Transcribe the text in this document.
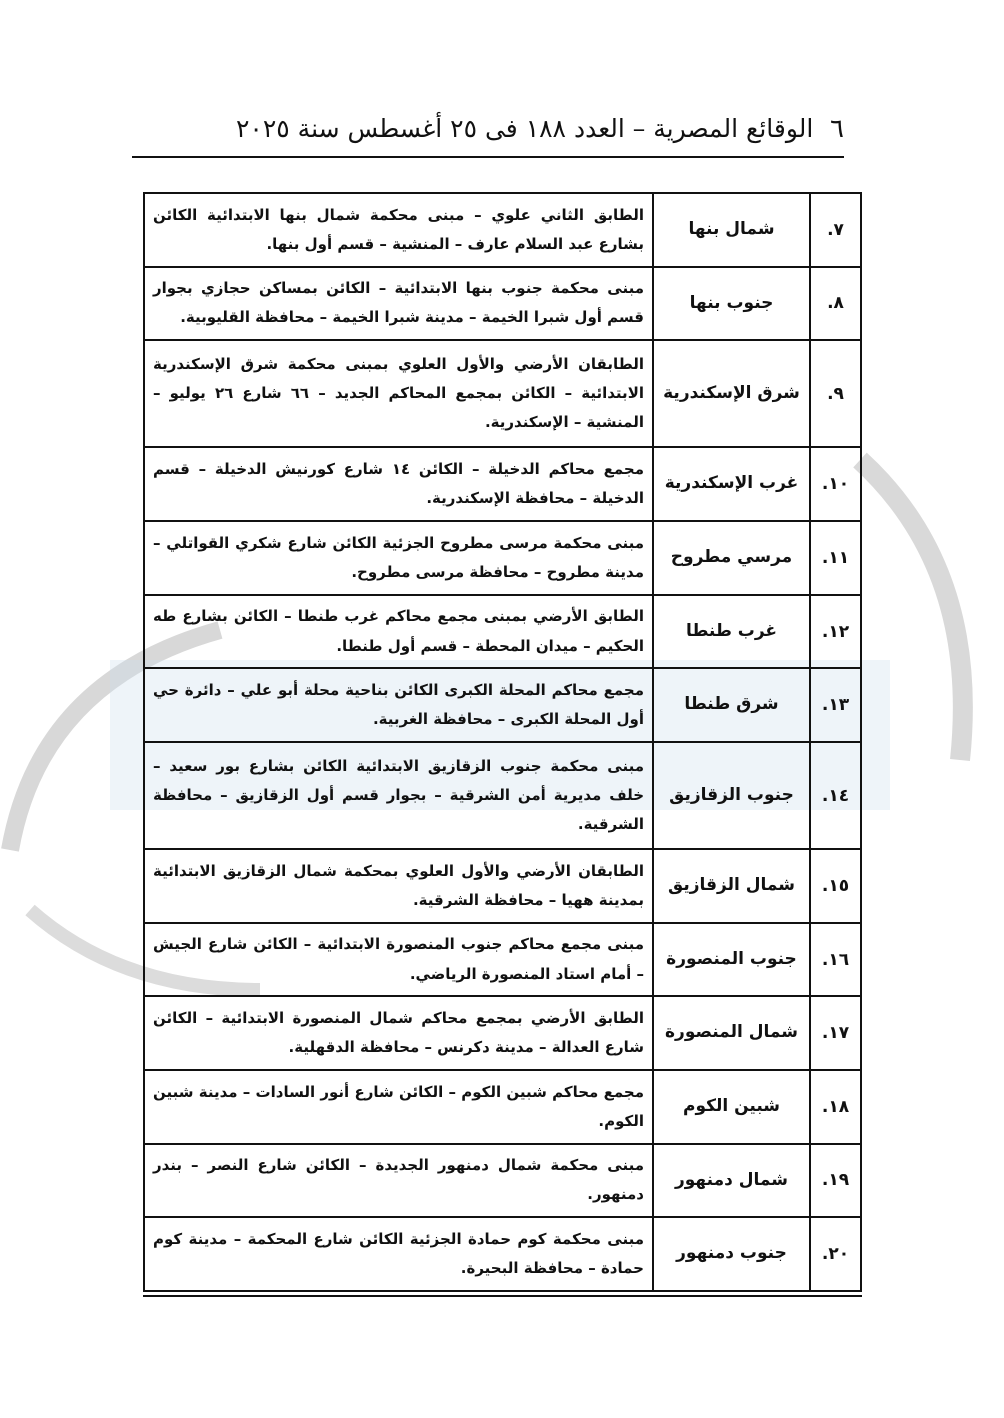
٦
الوقائع المصرية – العدد ١٨٨ فى ٢٥ أغسطس سنة ٢٠٢٥
٧.	شمال بنها	الطابق الثاني علوي – مبنى محكمة شمال بنها الابتدائية الكائن بشارع عبد السلام عارف – المنشية – قسم أول بنها.
٨.	جنوب بنها	مبنى محكمة جنوب بنها الابتدائية – الكائن بمساكن حجازي بجوار قسم أول شبرا الخيمة – مدينة شبرا الخيمة – محافظة القليوبية.
٩.	شرق الإسكندرية	الطابقان الأرضي والأول العلوي بمبنى محكمة شرق الإسكندرية الابتدائية – الكائن بمجمع المحاكم الجديد – ٦٦ شارع ٢٦ يوليو – المنشية – الإسكندرية.
١٠.	غرب الإسكندرية	مجمع محاكم الدخيلة – الكائن ١٤ شارع كورنيش الدخيلة – قسم الدخيلة – محافظة الإسكندرية.
١١.	مرسي مطروح	مبنى محكمة مرسى مطروح الجزئية الكائن شارع شكري القواتلي – مدينة مطروح – محافظة مرسى مطروح.
١٢.	غرب طنطا	الطابق الأرضي بمبنى مجمع محاكم غرب طنطا – الكائن بشارع طه الحكيم – ميدان المحطة – قسم أول طنطا.
١٣.	شرق طنطا	مجمع محاكم المحلة الكبرى الكائن بناحية محلة أبو علي – دائرة حي أول المحلة الكبرى – محافظة الغربية.
١٤.	جنوب الزقازيق	مبنى محكمة جنوب الزقازيق الابتدائية الكائن بشارع بور سعيد – خلف مديرية أمن الشرقية – بجوار قسم أول الزقازيق – محافظة الشرقية.
١٥.	شمال الزقازيق	الطابقان الأرضي والأول العلوي بمحكمة شمال الزقازيق الابتدائية بمدينة ههيا – محافظة الشرقية.
١٦.	جنوب المنصورة	مبنى مجمع محاكم جنوب المنصورة الابتدائية – الكائن شارع الجيش – أمام استاد المنصورة الرياضي.
١٧.	شمال المنصورة	الطابق الأرضي بمجمع محاكم شمال المنصورة الابتدائية – الكائن شارع العدالة – مدينة دكرنس – محافظة الدقهلية.
١٨.	شبين الكوم	مجمع محاكم شبين الكوم – الكائن شارع أنور السادات – مدينة شبين الكوم.
١٩.	شمال دمنهور	مبنى محكمة شمال دمنهور الجديدة – الكائن شارع النصر – بندر دمنهور.
٢٠.	جنوب دمنهور	مبنى محكمة كوم حمادة الجزئية الكائن شارع المحكمة – مدينة كوم حمادة – محافظة البحيرة.
